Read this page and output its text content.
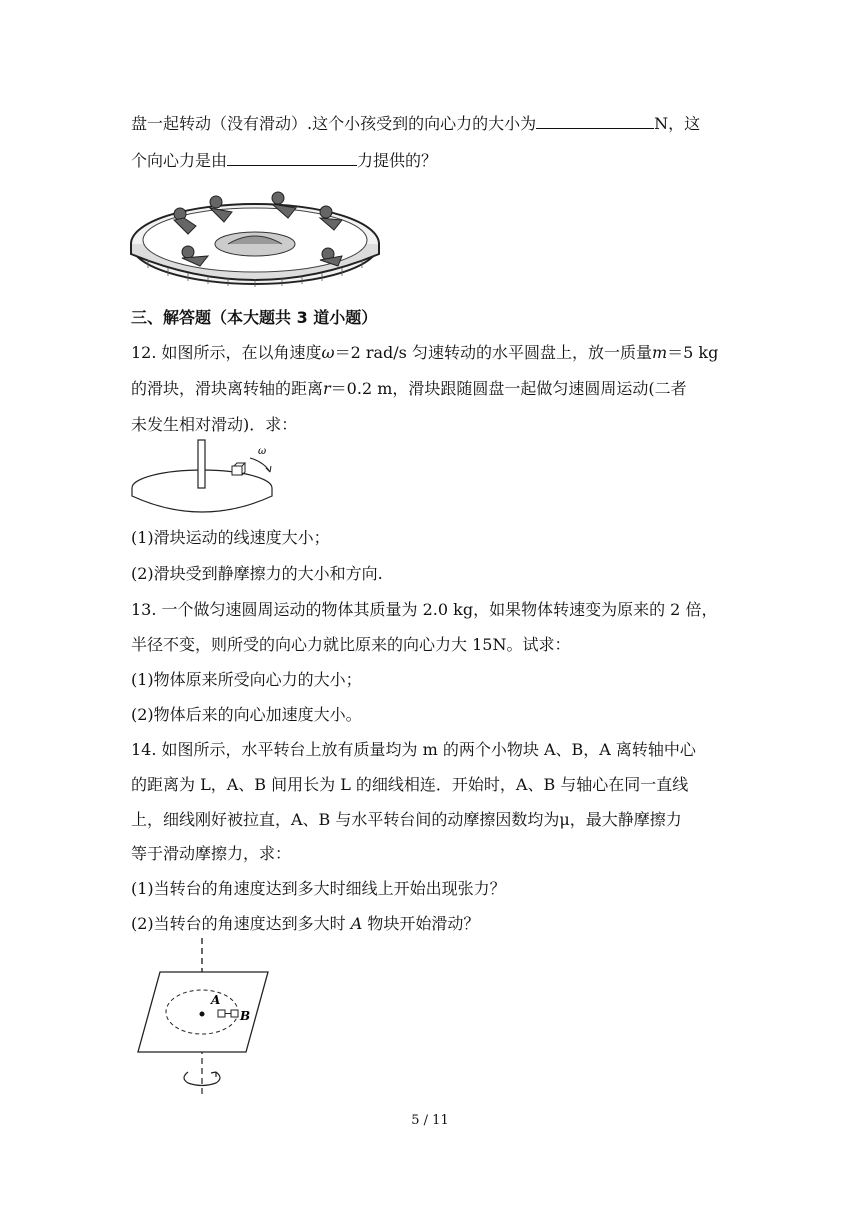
盘一起转动（没有滑动）.这个小孩受到的向心力的大小为	N，这
个向心力是由	力提供的？
三、解答题（本大题共 3 道小题）
12. 如图所示，在以角速度ω＝2 rad/s 匀速转动的水平圆盘上，放一质量m＝5 kg
的滑块，滑块离转轴的距离r＝0.2 m，滑块跟随圆盘一起做匀速圆周运动(二者
未发生相对滑动)．求：
ω
(1)滑块运动的线速度大小；
(2)滑块受到静摩擦力的大小和方向.
13. 一个做匀速圆周运动的物体其质量为 2.0 kg，如果物体转速变为原来的 2 倍，
半径不变，则所受的向心力就比原来的向心力大 15N。试求：
(1)物体原来所受向心力的大小；
(2)物体后来的向心加速度大小。
14. 如图所示，水平转台上放有质量均为 m 的两个小物块 A、B，A 离转轴中心
的距离为 L，A、B 间用长为 L 的细线相连．开始时，A、B 与轴心在同一直线
上，细线刚好被拉直，A、B 与水平转台间的动摩擦因数均为μ，最大静摩擦力
等于滑动摩擦力，求：
(1)当转台的角速度达到多大时细线上开始出现张力？
(2)当转台的角速度达到多大时 A 物块开始滑动？
A
B
5 / 11
